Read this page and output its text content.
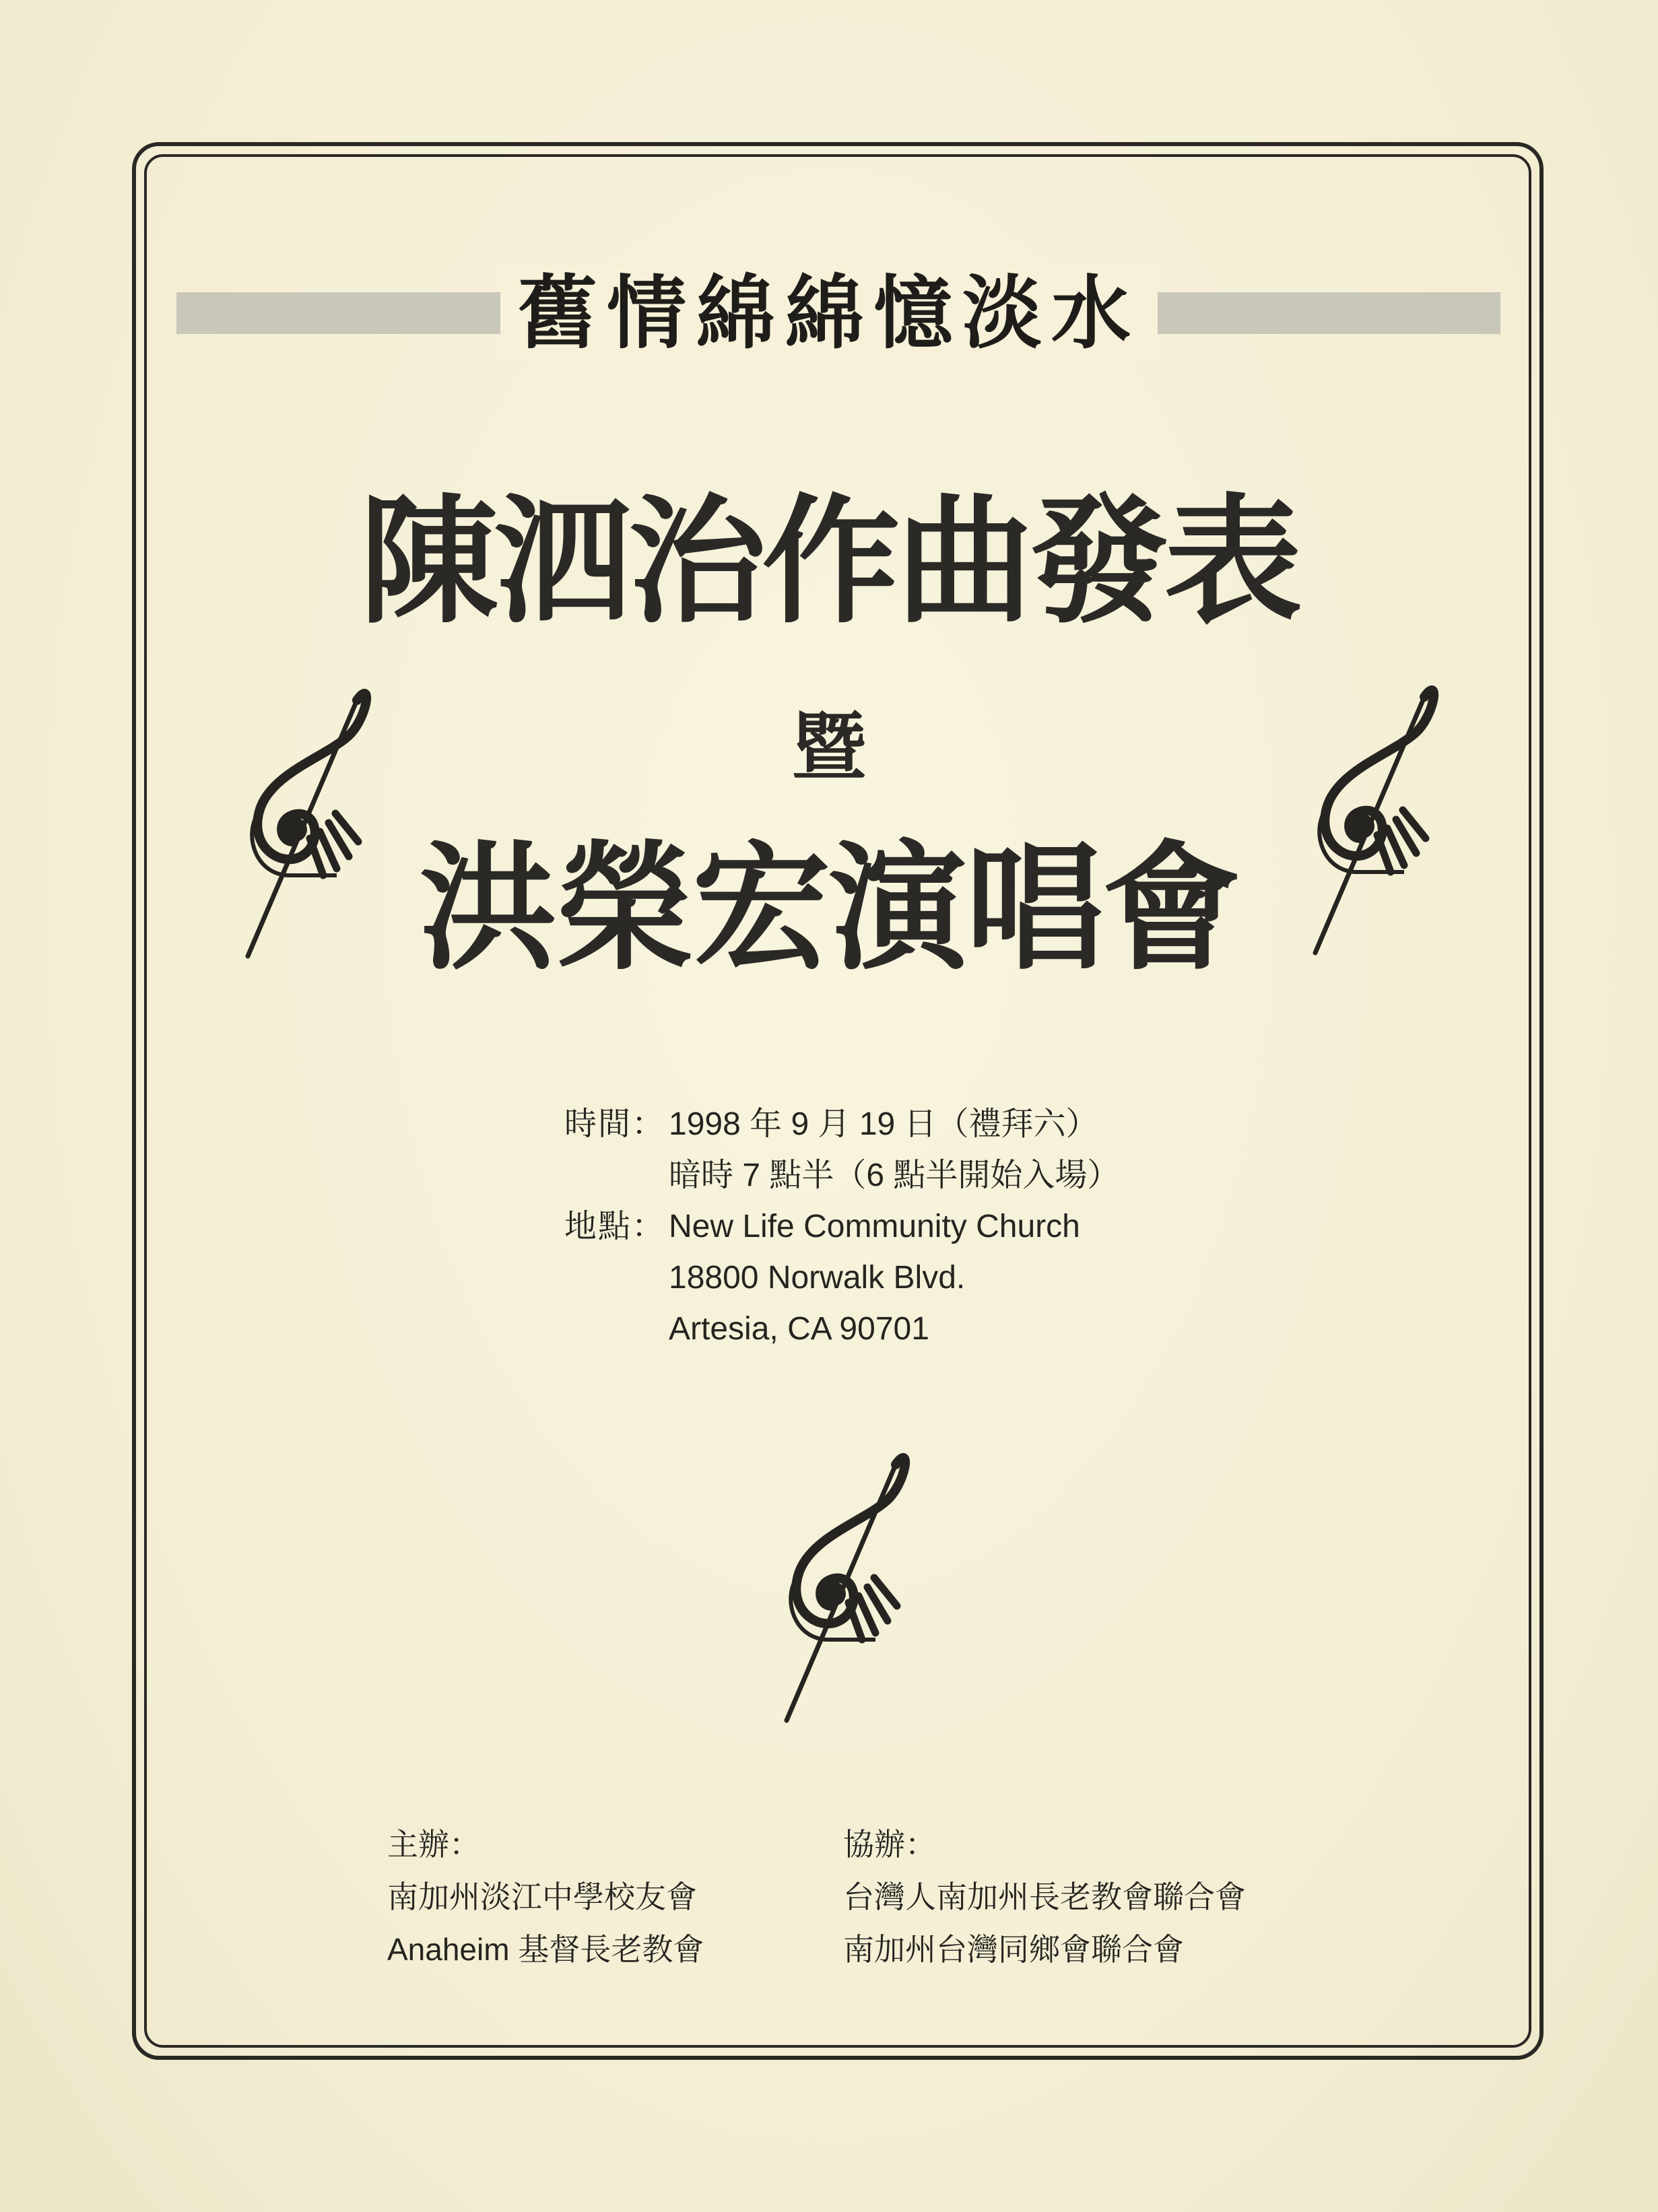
舊情綿綿憶淡水
陳泗治作曲發表
暨
洪榮宏演唱會
時間： 1998 年 9 月 19 日（禮拜六）
暗時 7 點半（6 點半開始入場）
地點： New Life Community Church
18800 Norwalk Blvd.
Artesia, CA 90701
主辦：
南加州淡江中學校友會
Anaheim 基督長老教會
協辦：
台灣人南加州長老教會聯合會
南加州台灣同鄉會聯合會
